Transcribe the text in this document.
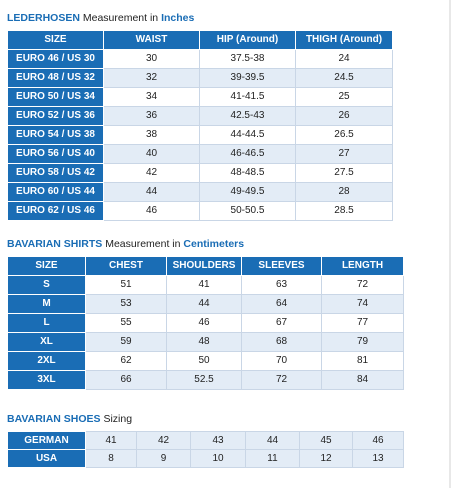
LEDERHOSEN Measurement in Inches
SIZE	WAIST	HIP (Around)	THIGH (Around)
EURO 46 / US 30	30	37.5-38	24
EURO 48 / US 32	32	39-39.5	24.5
EURO 50 / US 34	34	41-41.5	25
EURO 52 / US 36	36	42.5-43	26
EURO 54 / US 38	38	44-44.5	26.5
EURO 56 / US 40	40	46-46.5	27
EURO 58 / US 42	42	48-48.5	27.5
EURO 60 / US 44	44	49-49.5	28
EURO 62 / US 46	46	50-50.5	28.5
BAVARIAN SHIRTS Measurement in Centimeters
SIZE	CHEST	SHOULDERS	SLEEVES	LENGTH
S	51	41	63	72
M	53	44	64	74
L	55	46	67	77
XL	59	48	68	79
2XL	62	50	70	81
3XL	66	52.5	72	84
BAVARIAN SHOES Sizing
GERMAN	41	42	43	44	45	46
USA	8	9	10	11	12	13
